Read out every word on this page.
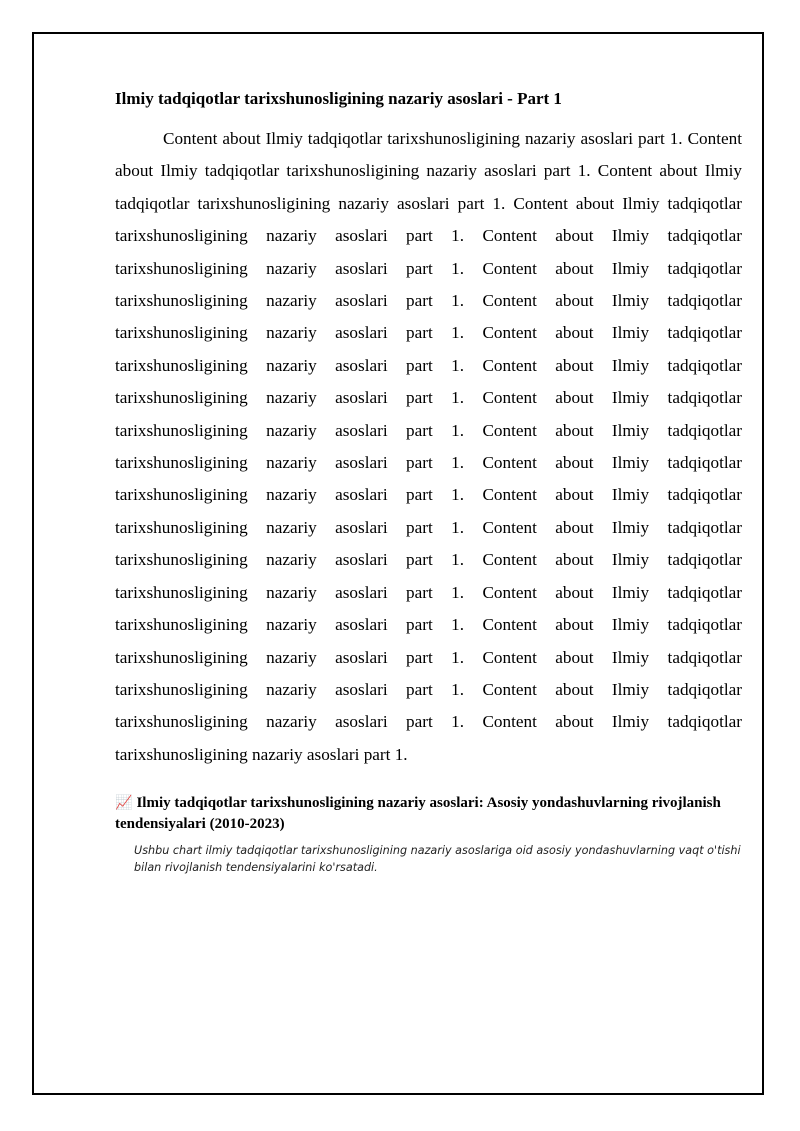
Ilmiy tadqiqotlar tarixshunosligining nazariy asoslari - Part 1

Content about Ilmiy tadqiqotlar tarixshunosligining nazariy asoslari part 1. Content about Ilmiy tadqiqotlar tarixshunosligining nazariy asoslari part 1. Content about Ilmiy tadqiqotlar tarixshunosligining nazariy asoslari part 1. Content about Ilmiy tadqiqotlar tarixshunosligining nazariy asoslari part 1. Content about Ilmiy tadqiqotlar tarixshunosligining nazariy asoslari part 1. Content about Ilmiy tadqiqotlar tarixshunosligining nazariy asoslari part 1. Content about Ilmiy tadqiqotlar tarixshunosligining nazariy asoslari part 1. Content about Ilmiy tadqiqotlar tarixshunosligining nazariy asoslari part 1. Content about Ilmiy tadqiqotlar tarixshunosligining nazariy asoslari part 1. Content about Ilmiy tadqiqotlar tarixshunosligining nazariy asoslari part 1. Content about Ilmiy tadqiqotlar tarixshunosligining nazariy asoslari part 1. Content about Ilmiy tadqiqotlar tarixshunosligining nazariy asoslari part 1. Content about Ilmiy tadqiqotlar tarixshunosligining nazariy asoslari part 1. Content about Ilmiy tadqiqotlar tarixshunosligining nazariy asoslari part 1. Content about Ilmiy tadqiqotlar tarixshunosligining nazariy asoslari part 1. Content about Ilmiy tadqiqotlar tarixshunosligining nazariy asoslari part 1. Content about Ilmiy tadqiqotlar tarixshunosligining nazariy asoslari part 1. Content about Ilmiy tadqiqotlar tarixshunosligining nazariy asoslari part 1. Content about Ilmiy tadqiqotlar tarixshunosligining nazariy asoslari part 1. Content about Ilmiy tadqiqotlar tarixshunosligining nazariy asoslari part 1.

📈 Ilmiy tadqiqotlar tarixshunosligining nazariy asoslari: Asosiy yondashuvlarning rivojlanish tendensiyalari (2010-2023)
Ushbu chart ilmiy tadqiqotlar tarixshunosligining nazariy asoslariga oid asosiy yondashuvlarning vaqt o'tishi bilan rivojlanish tendensiyalarini ko'rsatadi.
